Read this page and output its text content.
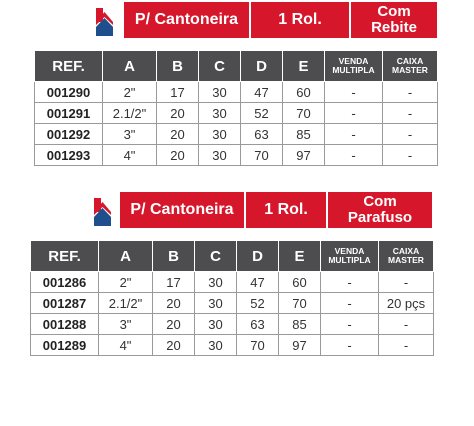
P/ Cantoneira	1 Rol.	Com Rebite
REF.	A	B	C	D	E	VENDA MULTIPLA	CAIXA MASTER
001290	2"	17	30	47	60	-	-
001291	2.1/2"	20	30	52	70	-	-
001292	3"	20	30	63	85	-	-
001293	4"	20	30	70	97	-	-
P/ Cantoneira	1 Rol.	Com Parafuso
REF.	A	B	C	D	E	VENDA MULTIPLA	CAIXA MASTER
001286	2"	17	30	47	60	-	-
001287	2.1/2"	20	30	52	70	-	20 pçs
001288	3"	20	30	63	85	-	-
001289	4"	20	30	70	97	-	-
